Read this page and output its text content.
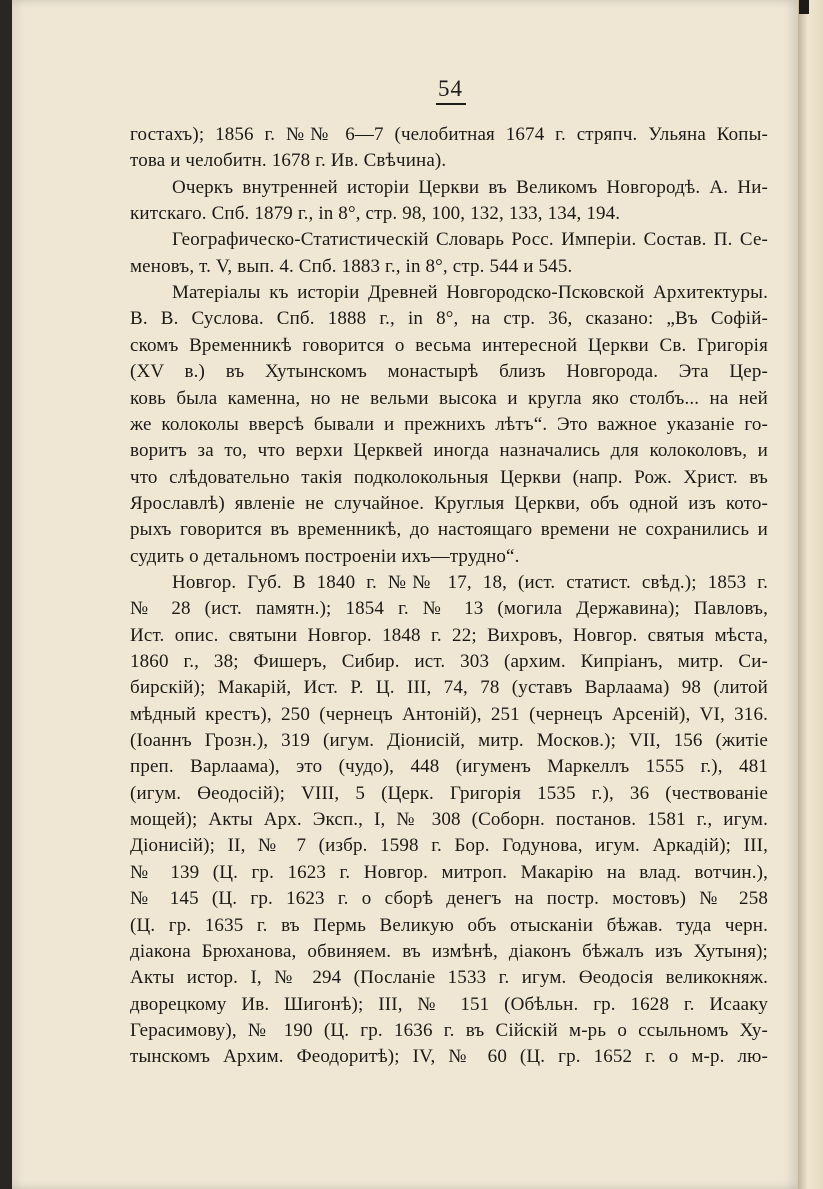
54
гостахъ); 1856 г. №№ 6—7 (челобитная 1674 г. стряпч. Ульяна Копы-
това и челобитн. 1678 г. Ив. Свѣчина).
Очеркъ внутренней исторіи Церкви въ Великомъ Новгородѣ. А. Ни-
китскаго. Спб. 1879 г., in 8°, стр. 98, 100, 132, 133, 134, 194.
Географическо-Статистическій Словарь Росс. Имперіи. Состав. П. Се-
меновъ, т. V, вып. 4. Спб. 1883 г., in 8°, стр. 544 и 545.
Матеріалы къ исторіи Древней Новгородско-Псковской Архитектуры.
В. В. Суслова. Спб. 1888 г., in 8°, на стр. 36, сказано: „Въ Софій-
скомъ Временникѣ говорится о весьма интересной Церкви Св. Григорія
(XV в.) въ Хутынскомъ монастырѣ близъ Новгорода. Эта Цер-
ковь была каменна, но не вельми высока и кругла яко столбъ... на ней
же колоколы вверсѣ бывали и прежнихъ лѣтъ“. Это важное указаніе го-
воритъ за то, что верхи Церквей иногда назначались для колоколовъ, и
что слѣдовательно такія подколокольныя Церкви (напр. Рож. Христ. въ
Ярославлѣ) явленіе не случайное. Круглыя Церкви, объ одной изъ кото-
рыхъ говорится въ временникѣ, до настоящаго времени не сохранились и
судить о детальномъ построеніи ихъ—трудно“.
Новгор. Губ. В 1840 г. №№ 17, 18, (ист. статист. свѣд.); 1853 г.
№ 28 (ист. памятн.); 1854 г. № 13 (могила Державина); Павловъ,
Ист. опис. святыни Новгор. 1848 г. 22; Вихровъ, Новгор. святыя мѣста,
1860 г., 38; Фишеръ, Сибир. ист. 303 (архим. Кипріанъ, митр. Си-
бирскій); Макарій, Ист. Р. Ц. III, 74, 78 (уставъ Варлаама) 98 (литой
мѣдный крестъ), 250 (чернецъ Антоній), 251 (чернецъ Арсеній), VI, 316.
(Іоаннъ Грозн.), 319 (игум. Діонисій, митр. Москов.); VII, 156 (житіе
преп. Варлаама), это (чудо), 448 (игуменъ Маркеллъ 1555 г.), 481
(игум. Өеодосій); VIII, 5 (Церк. Григорія 1535 г.), 36 (чествованіе
мощей); Акты Арх. Эксп., I, № 308 (Соборн. постанов. 1581 г., игум.
Діонисій); II, № 7 (избр. 1598 г. Бор. Годунова, игум. Аркадій); III,
№ 139 (Ц. гр. 1623 г. Новгор. митроп. Макарію на влад. вотчин.),
№ 145 (Ц. гр. 1623 г. о сборѣ денегъ на постр. мостовъ) № 258
(Ц. гр. 1635 г. въ Пермь Великую объ отысканіи бѣжав. туда черн.
діакона Брюханова, обвиняем. въ измѣнѣ, діаконъ бѣжалъ изъ Хутыня);
Акты истор. I, № 294 (Посланіе 1533 г. игум. Өеодосія великокняж.
дворецкому Ив. Шигонѣ); III, № 151 (Обѣльн. гр. 1628 г. Исааку
Герасимову), № 190 (Ц. гр. 1636 г. въ Сійскій м-рь о ссыльномъ Ху-
тынскомъ Архим. Феодоритѣ); IV, № 60 (Ц. гр. 1652 г. о м-р. лю-
